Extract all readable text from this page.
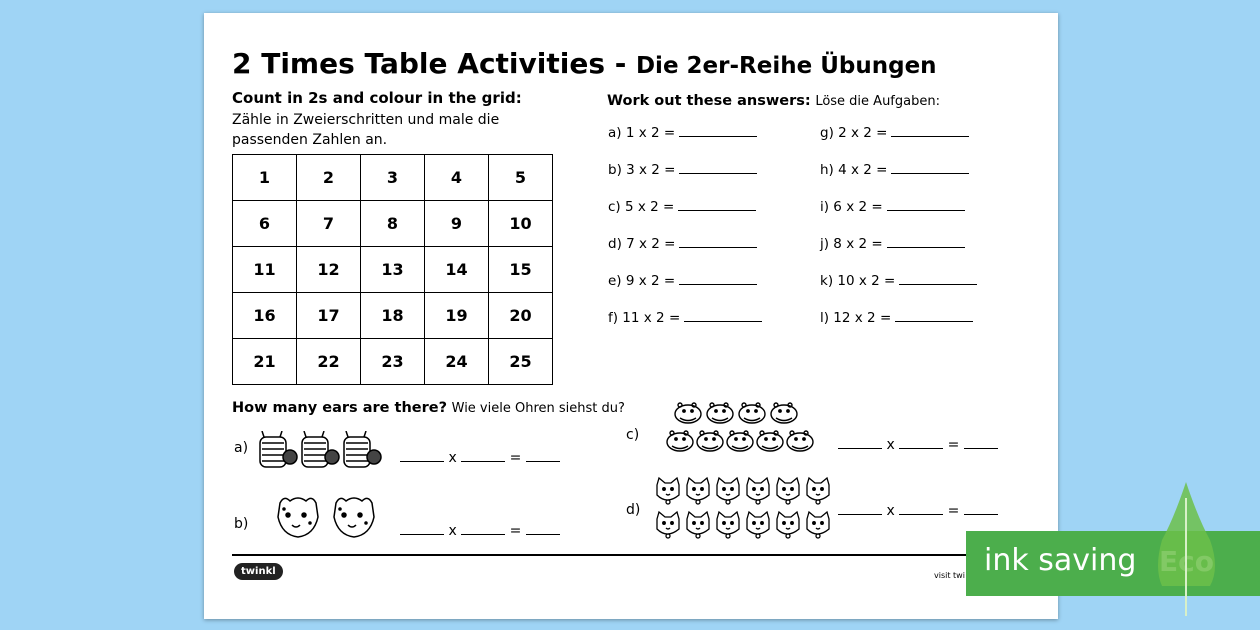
2 Times Table Activities - Die 2er-Reihe Übungen
Count in 2s and colour in the grid:
Zähle in Zweierschritten und male die
passenden Zahlen an.
1	2	3	4	5
6	7	8	9	10
11	12	13	14	15
16	17	18	19	20
21	22	23	24	25
Work out these answers: Löse die Aufgaben:
a) 1 x 2 =
b) 3 x 2 =
c) 5 x 2 =
d) 7 x 2 =
e) 9 x 2 =
f) 11 x 2 =
g) 2 x 2 =
h) 4 x 2 =
i) 6 x 2 =
j) 8 x 2 =
k) 10 x 2 =
l) 12 x 2 =
How many ears are there? Wie viele Ohren siehst du?
a)
x	=
b)	x	=
c)
x	=
d)	x	=
twinkl	visit twi ink saving
